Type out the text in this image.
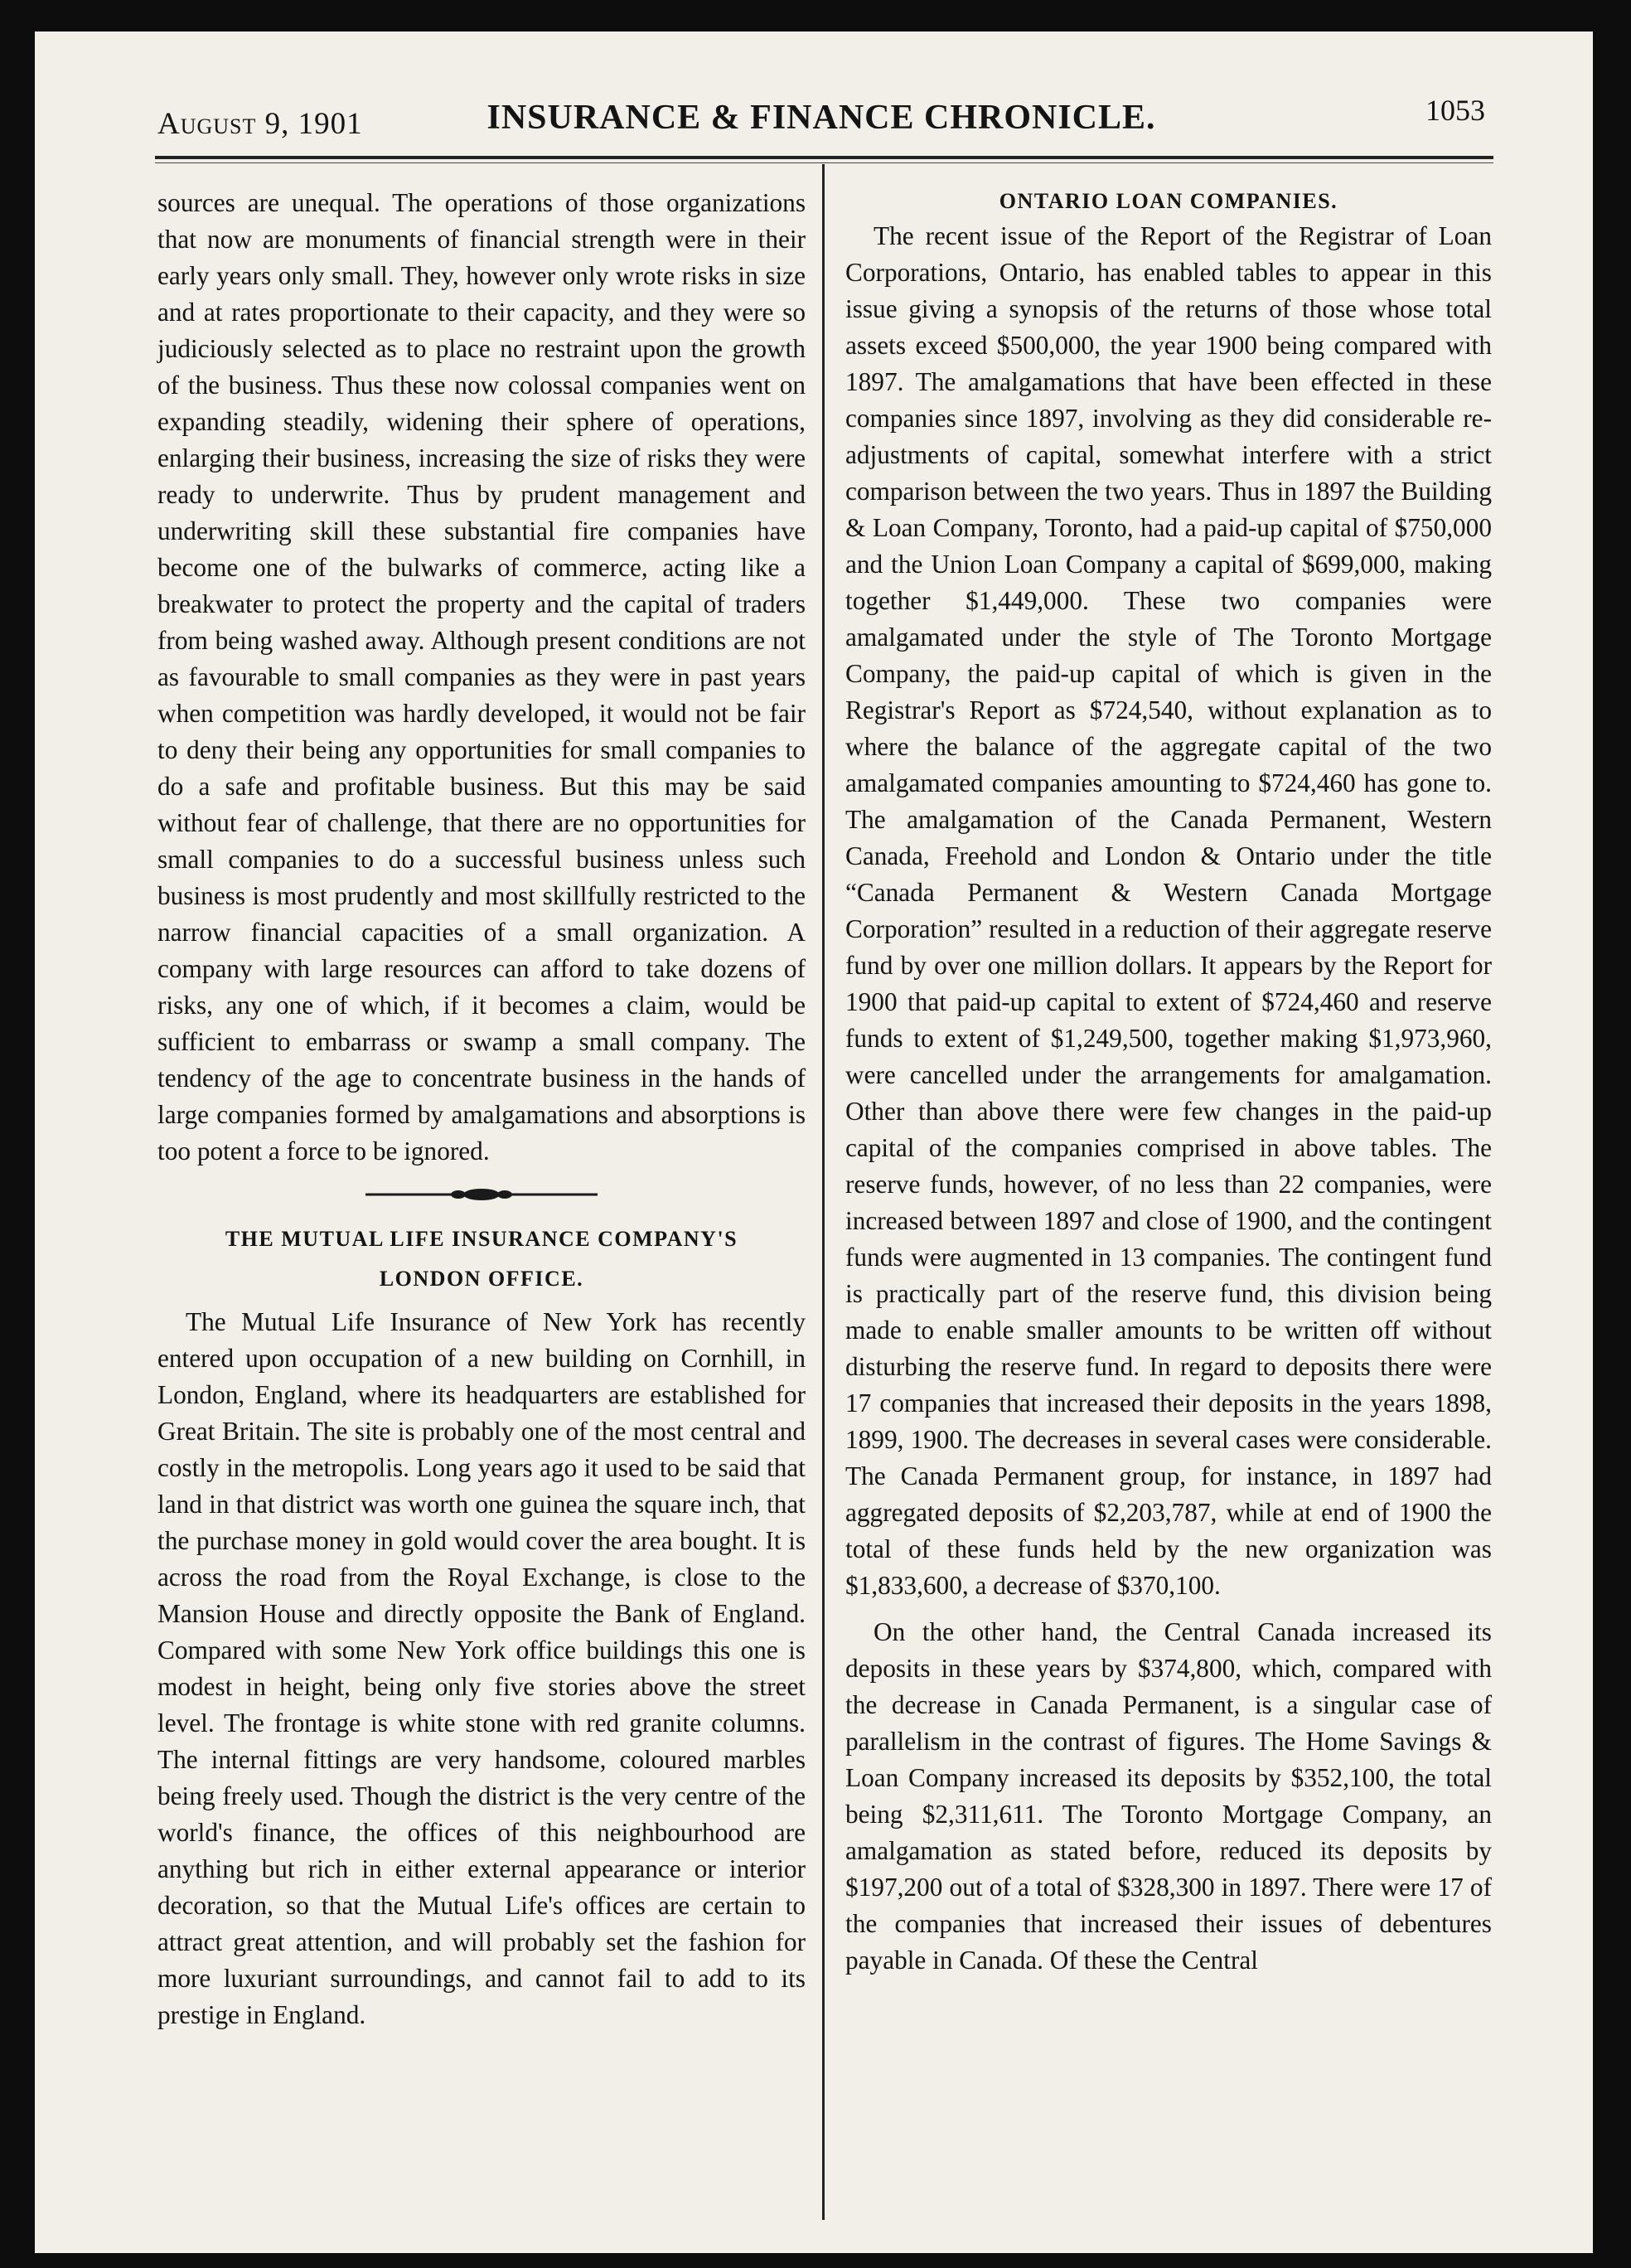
August 9, 1901	INSURANCE & FINANCE CHRONICLE.	1053

sources are unequal. The operations of those organizations that now are monuments of financial strength were in their early years only small. They, however only wrote risks in size and at rates proportionate to their capacity, and they were so judiciously selected as to place no restraint upon the growth of the business. Thus these now colossal companies went on expanding steadily, widening their sphere of operations, enlarging their business, increasing the size of risks they were ready to underwrite. Thus by prudent management and underwriting skill these substantial fire companies have become one of the bulwarks of commerce, acting like a breakwater to protect the property and the capital of traders from being washed away. Although present conditions are not as favourable to small companies as they were in past years when competition was hardly developed, it would not be fair to deny their being any opportunities for small companies to do a safe and profitable business. But this may be said without fear of challenge, that there are no opportunities for small companies to do a successful business unless such business is most prudently and most skillfully restricted to the narrow financial capacities of a small organization. A company with large resources can afford to take dozens of risks, any one of which, if it becomes a claim, would be sufficient to embarrass or swamp a small company. The tendency of the age to concentrate business in the hands of large companies formed by amalgamations and absorptions is too potent a force to be ignored.

THE MUTUAL LIFE INSURANCE COMPANY'S

LONDON OFFICE.

The Mutual Life Insurance of New York has recently entered upon occupation of a new building on Cornhill, in London, England, where its headquarters are established for Great Britain. The site is probably one of the most central and costly in the metropolis. Long years ago it used to be said that land in that district was worth one guinea the square inch, that the purchase money in gold would cover the area bought. It is across the road from the Royal Exchange, is close to the Mansion House and directly opposite the Bank of England. Compared with some New York office buildings this one is modest in height, being only five stories above the street level. The frontage is white stone with red granite columns. The internal fittings are very handsome, coloured marbles being freely used. Though the district is the very centre of the world's finance, the offices of this neighbourhood are anything but rich in either external appearance or interior decoration, so that the Mutual Life's offices are certain to attract great attention, and will probably set the fashion for more luxuriant surroundings, and cannot fail to add to its prestige in England.

ONTARIO LOAN COMPANIES.

The recent issue of the Report of the Registrar of Loan Corporations, Ontario, has enabled tables to appear in this issue giving a synopsis of the returns of those whose total assets exceed $500,000, the year 1900 being compared with 1897. The amalgamations that have been effected in these companies since 1897, involving as they did considerable re-adjustments of capital, somewhat interfere with a strict comparison between the two years. Thus in 1897 the Building & Loan Company, Toronto, had a paid-up capital of $750,000 and the Union Loan Company a capital of $699,000, making together $1,449,000. These two companies were amalgamated under the style of The Toronto Mortgage Company, the paid-up capital of which is given in the Registrar's Report as $724,540, without explanation as to where the balance of the aggregate capital of the two amalgamated companies amounting to $724,460 has gone to. The amalgamation of the Canada Permanent, Western Canada, Freehold and London & Ontario under the title “Canada Permanent & Western Canada Mortgage Corporation” resulted in a reduction of their aggregate reserve fund by over one million dollars. It appears by the Report for 1900 that paid-up capital to extent of $724,460 and reserve funds to extent of $1,249,500, together making $1,973,960, were cancelled under the arrangements for amalgamation. Other than above there were few changes in the paid-up capital of the companies comprised in above tables. The reserve funds, however, of no less than 22 companies, were increased between 1897 and close of 1900, and the contingent funds were augmented in 13 companies. The contingent fund is practically part of the reserve fund, this division being made to enable smaller amounts to be written off without disturbing the reserve fund. In regard to deposits there were 17 companies that increased their deposits in the years 1898, 1899, 1900. The decreases in several cases were considerable. The Canada Permanent group, for instance, in 1897 had aggregated deposits of $2,203,787, while at end of 1900 the total of these funds held by the new organization was $1,833,600, a decrease of $370,100.

On the other hand, the Central Canada increased its deposits in these years by $374,800, which, compared with the decrease in Canada Permanent, is a singular case of parallelism in the contrast of figures. The Home Savings & Loan Company increased its deposits by $352,100, the total being $2,311,611. The Toronto Mortgage Company, an amalgamation as stated before, reduced its deposits by $197,200 out of a total of $328,300 in 1897. There were 17 of the companies that increased their issues of debentures payable in Canada. Of these the Central
